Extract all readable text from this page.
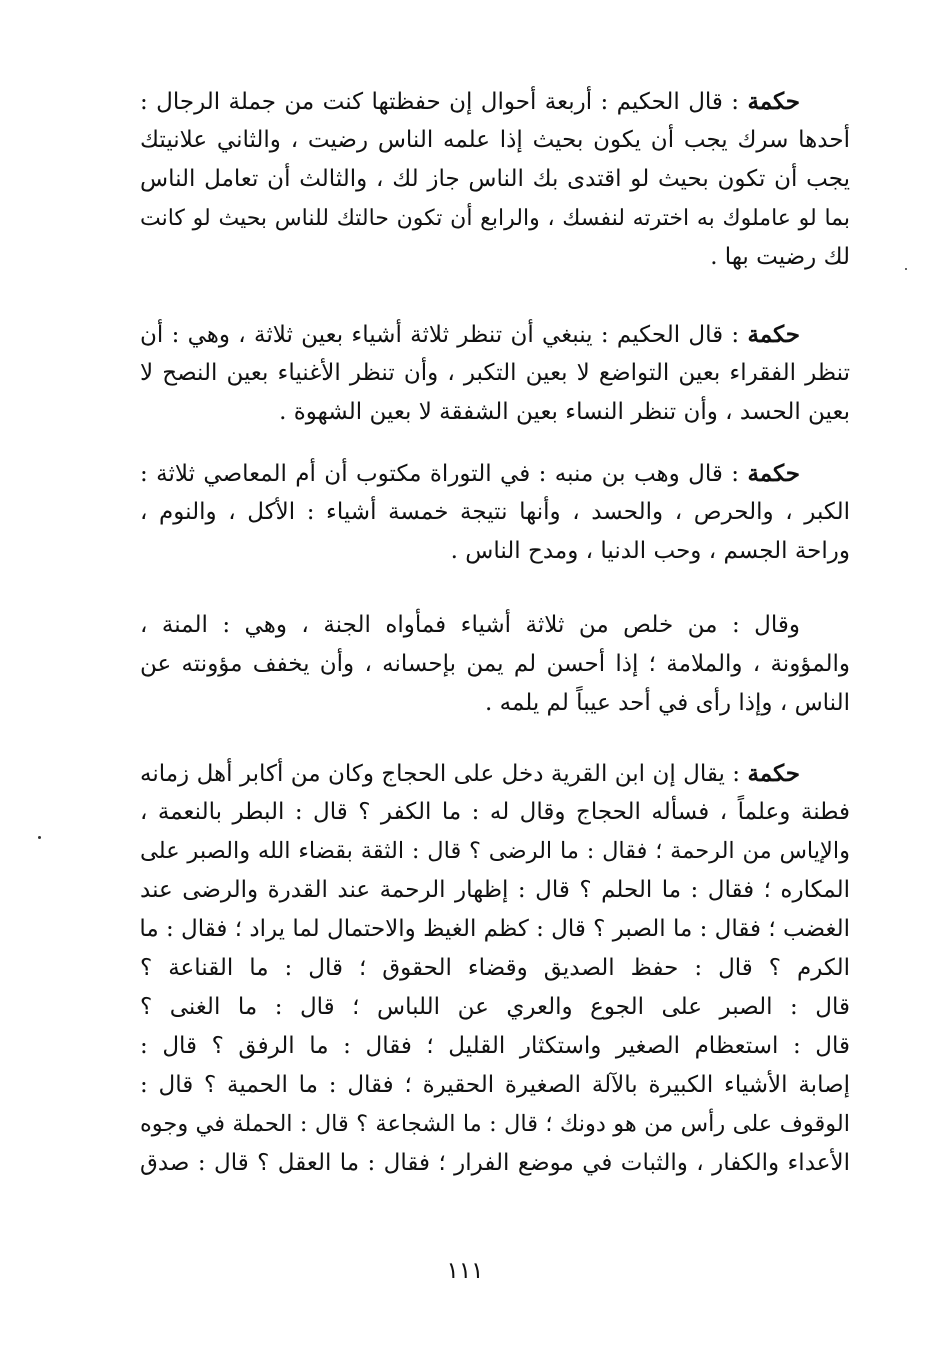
حكمة : قال الحكيم : أربعة أحوال إن حفظتها كنت من جملة الرجال :
أحدها سرك يجب أن يكون بحيث إذا علمه الناس رضيت ، والثاني علانيتك
يجب أن تكون بحيث لو اقتدى بك الناس جاز لك ، والثالث أن تعامل الناس
بما لو عاملوك به اخترته لنفسك ، والرابع أن تكون حالتك للناس بحيث لو كانت
لك رضيت بها .
حكمة : قال الحكيم : ينبغي أن تنظر ثلاثة أشياء بعين ثلاثة ، وهي : أن
تنظر الفقراء بعين التواضع لا بعين التكبر ، وأن تنظر الأغنياء بعين النصح لا
بعين الحسد ، وأن تنظر النساء بعين الشفقة لا بعين الشهوة .
حكمة : قال وهب بن منبه : في التوراة مكتوب أن أم المعاصي ثلاثة :
الكبر ، والحرص ، والحسد ، وأنها نتيجة خمسة أشياء : الأكل ، والنوم ،
وراحة الجسم ، وحب الدنيا ، ومدح الناس .
وقال : من خلص من ثلاثة أشياء فمأواه الجنة ، وهي : المنة ،
والمؤونة ، والملامة ؛ إذا أحسن لم يمن بإحسانه ، وأن يخفف مؤونته عن
الناس ، وإذا رأى في أحد عيباً لم يلمه .
حكمة : يقال إن ابن القرية دخل على الحجاج وكان من أكابر أهل زمانه
فطنة وعلماً ، فسأله الحجاج وقال له : ما الكفر ؟ قال : البطر بالنعمة ،
والإياس من الرحمة ؛ فقال : ما الرضى ؟ قال : الثقة بقضاء الله والصبر على
المكاره ؛ فقال : ما الحلم ؟ قال : إظهار الرحمة عند القدرة والرضى عند
الغضب ؛ فقال : ما الصبر ؟ قال : كظم الغيظ والاحتمال لما يراد ؛ فقال : ما
الكرم ؟ قال : حفظ الصديق وقضاء الحقوق ؛ قال : ما القناعة ؟
قال : الصبر على الجوع والعري عن اللباس ؛ قال : ما الغنى ؟
قال : استعظام الصغير واستكثار القليل ؛ فقال : ما الرفق ؟ قال :
إصابة الأشياء الكبيرة بالآلة الصغيرة الحقيرة ؛ فقال : ما الحمية ؟ قال :
الوقوف على رأس من هو دونك ؛ قال : ما الشجاعة ؟ قال : الحملة في وجوه
الأعداء والكفار ، والثبات في موضع الفرار ؛ فقال : ما العقل ؟ قال : صدق
١١١
